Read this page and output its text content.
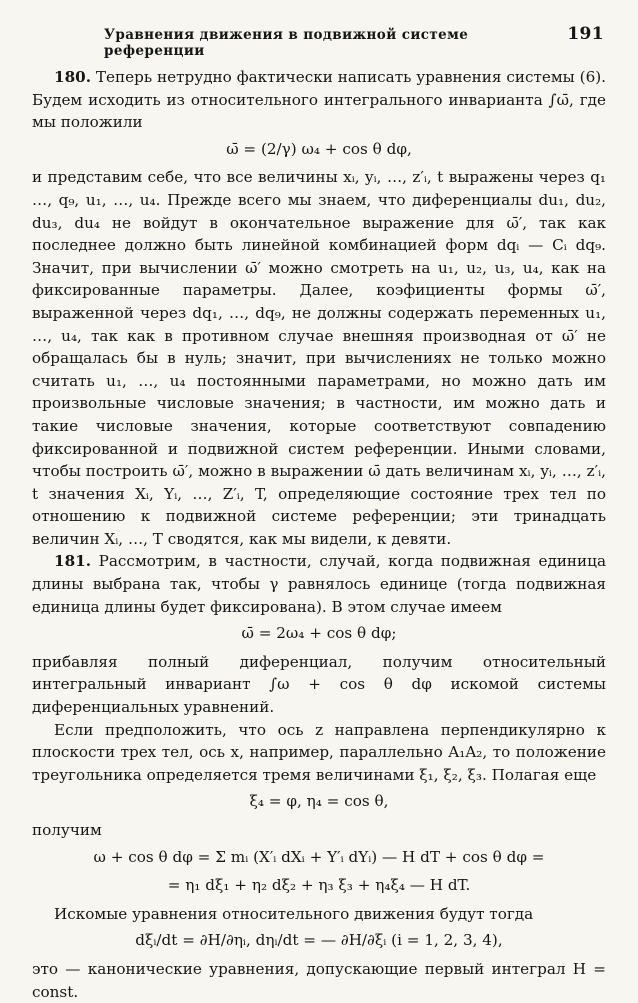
Уравнения движения в подвижной системе референции
191

180. Теперь нетрудно фактически написать уравнения системы (6). Будем исходить из относительного интегрального инварианта ∫ω̄, где мы положили

ω̄ = (2/γ) ω₄ + cos θ dφ,

и представим себе, что все величины xᵢ, yᵢ, …, z′ᵢ, t выражены через q₁ …, q₉, u₁, …, u₄. Прежде всего мы знаем, что диференциалы du₁, du₂, du₃, du₄ не войдут в окончательное выражение для ω̄′, так как последнее должно быть линейной комбинацией форм dqᵢ — Cᵢ dq₉. Значит, при вычислении ω̄′ можно смотреть на u₁, u₂, u₃, u₄, как на фиксированные параметры. Далее, коэфициенты формы ω̄′, выраженной через dq₁, …, dq₉, не должны содержать переменных u₁, …, u₄, так как в противном случае внешняя производная от ω̄′ не обращалась бы в нуль; значит, при вычислениях не только можно считать u₁, …, u₄ постоянными параметрами, но можно дать им произвольные числовые значения; в частности, им можно дать и такие числовые значения, которые соответствуют совпадению фиксированной и подвижной систем референции. Иными словами, чтобы построить ω̄′, можно в выражении ω̄ дать величинам xᵢ, yᵢ, …, z′ᵢ, t значения Xᵢ, Yᵢ, …, Z′ᵢ, T, определяющие состояние трех тел по отношению к подвижной системе референции; эти тринадцать величин Xᵢ, …, T сводятся, как мы видели, к девяти.

181. Рассмотрим, в частности, случай, когда подвижная единица длины выбрана так, чтобы γ равнялось единице (тогда подвижная единица длины будет фиксирована). В этом случае имеем

ω̄ = 2ω₄ + cos θ dφ;

прибавляя полный диференциал, получим относительный интегральный инвариант ∫ω + cos θ dφ искомой системы диференциальных уравнений.

Если предположить, что ось z направлена перпендикулярно к плоскости трех тел, ось x, например, параллельно A₁A₂, то положение треугольника определяется тремя величинами ξ₁, ξ₂, ξ₃. Полагая еще

ξ₄ = φ, η₄ = cos θ,

получим

ω + cos θ dφ = Σ mᵢ (X′ᵢ dXᵢ + Y′ᵢ dYᵢ) — H dT + cos θ dφ =
= η₁ dξ₁ + η₂ dξ₂ + η₃ ξ₃ + η₄ξ₄ — H dT.

Искомые уравнения относительного движения будут тогда

dξᵢ/dt = ∂H/∂ηᵢ, dηᵢ/dt = — ∂H/∂ξᵢ (i = 1, 2, 3, 4),

это — канонические уравнения, допускающие первый интеграл H = const.
